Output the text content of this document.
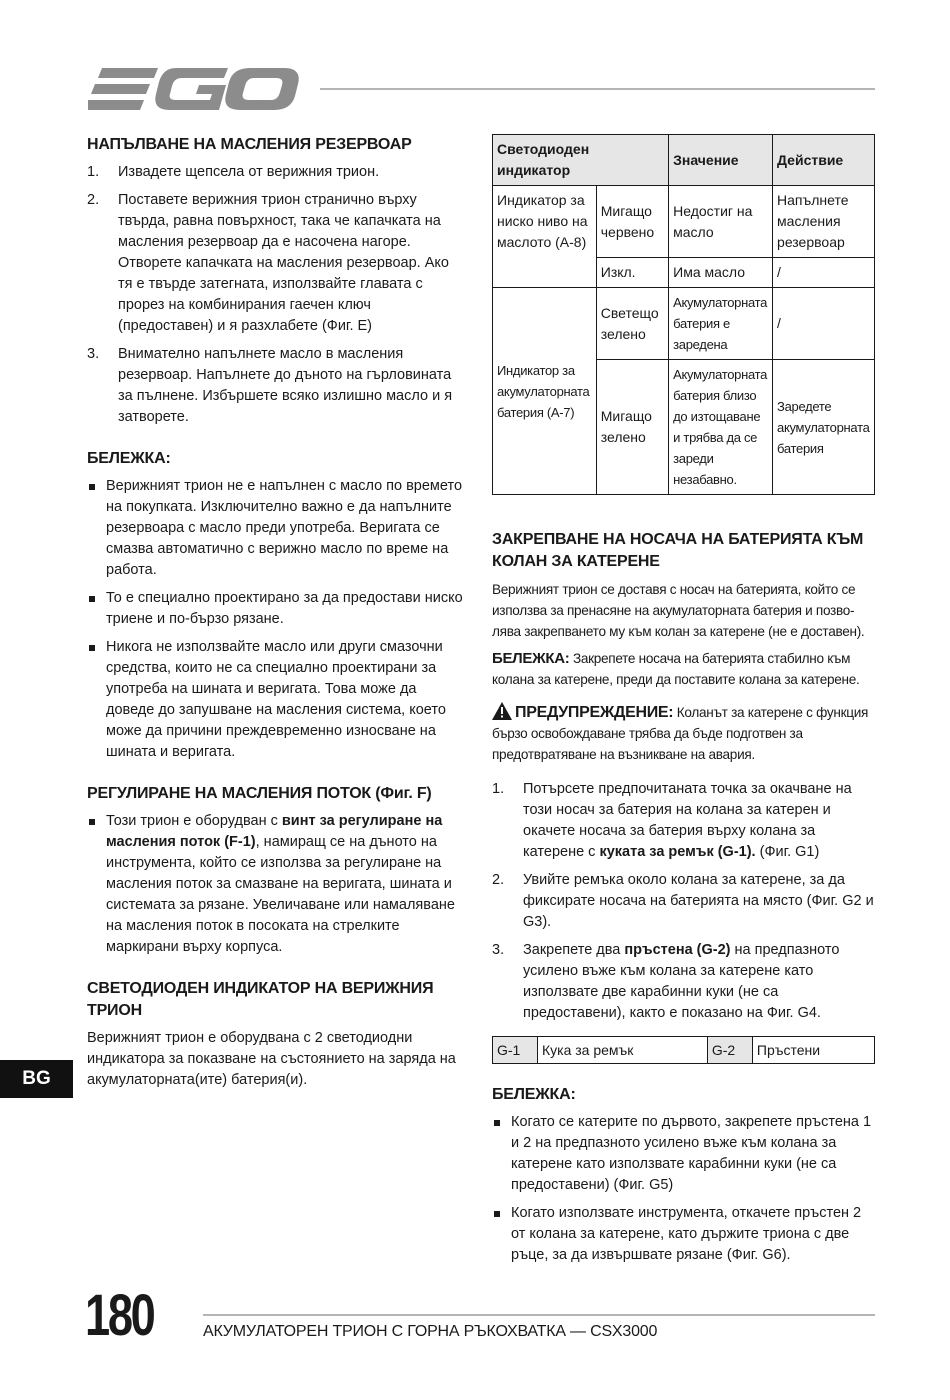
НАПЪЛВАНЕ НА МАСЛЕНИЯ РЕЗЕРВОАР
1. Извадете щепсела от верижния трион.
2. Поставете верижния трион странично върху твърда, равна повърхност, така че капачката на масления резервоар да е насочена нагоре. Отворете капачката на масления резервоар. Ако тя е твърде затегната, използвайте главата с прорез на комбинирания гаечен ключ (предоставен) и я разхлабете (Фиг. E)
3. Внимателно напълнете масло в масления резервоар. Напълнете до дъното на гърловината за пълнене. Избършете всяко излишно масло и я затворете.
БЕЛЕЖКА:
Верижният трион не е напълнен с масло по времето на покупката. Изключително важно е да напълните резервоара с масло преди употреба. Веригата се смазва автоматично с верижно масло по време на работа.
То е специално проектирано за да предостави ниско триене и по-бързо рязане.
Никога не използвайте масло или други смазочни средства, които не са специално проектирани за употреба на шината и веригата. Това може да доведе до запушване на масления система, което може да причини преждевременно износване на шината и веригата.
РЕГУЛИРАНЕ НА МАСЛЕНИЯ ПОТОК (Фиг. F)
Този трион е оборудван с винт за регулиране на масления поток (F-1), намиращ се на дъното на инструмента, който се използва за регулиране на масления поток за смазване на веригата, шината и системата за рязане. Увеличаване или намаляване на масления поток в посоката на стрелките маркирани върху корпуса.
СВЕТОДИОДЕН ИНДИКАТОР НА ВЕРИЖНИЯ ТРИОН

Верижният трион е оборудвана с 2 светодиодни индикатора за показване на състоянието на заряда на акумулаторната(ите) батерия(и).

Светодиоден индикатор		Значение	Действие
Индикатор за ниско ниво на маслото (A-8)	Мигащо червено	Недостиг на масло	Напълнете масления резервоар
	Изкл.	Има масло	/
Индикатор за акумулаторната батерия (A-7)	Светещо зелено	Акумулаторната батерия е заредена	/
	Мигащо зелено	Акумулаторната батерия близо до изтощаване и трябва да се зареди незабавно.	Заредете акумулаторната батерия
ЗАКРЕПВАНЕ НА НОСАЧА НА БАТЕРИЯТА КЪМ КОЛАН ЗА КАТЕРЕНЕ

Верижният трион се доставя с носач на батерията, който се използва за пренасяне на акумулаторната батерия и позво-лява закрепването му към колан за катерене (не е доставен).

БЕЛЕЖКА: Закрепете носача на батерията стабилно към колана за катерене, преди да поставите колана за катерене.

ПРЕДУПРЕЖДЕНИЕ: Коланът за катерене с функция бързо освобождаване трябва да бъде подготвен за предотвратяване на възникване на авария.

1. Потърсете предпочитаната точка за окачване на този носач за батерия на колана за катерен и окачете носача за батерия върху колана за катерене с куката за ремък (G-1). (Фиг. G1)
2. Увийте ремъка около колана за катерене, за да фиксирате носача на батерията на място (Фиг. G2 и G3).
3. Закрепете два пръстена (G-2) на предпазното усилено въже към колана за катерене като използвате две карабинни куки (не са предоставени), както е показано на Фиг. G4.
G-1	Кука за ремък	G-2	Пръстени
БЕЛЕЖКА:
Когато се катерите по дървото, закрепете пръстена 1 и 2 на предпазното усилено въже към колана за катерене като използвате карабинни куки (не са предоставени) (Фиг. G5)
Когато използвате инструмента, откачете пръстен 2 от колана за катерене, като държите триона с две ръце, за да извършвате рязане (Фиг. G6).
BG
180	АКУМУЛАТОРЕН ТРИОН С ГОРНА РЪКОХВАТКА — CSX3000
